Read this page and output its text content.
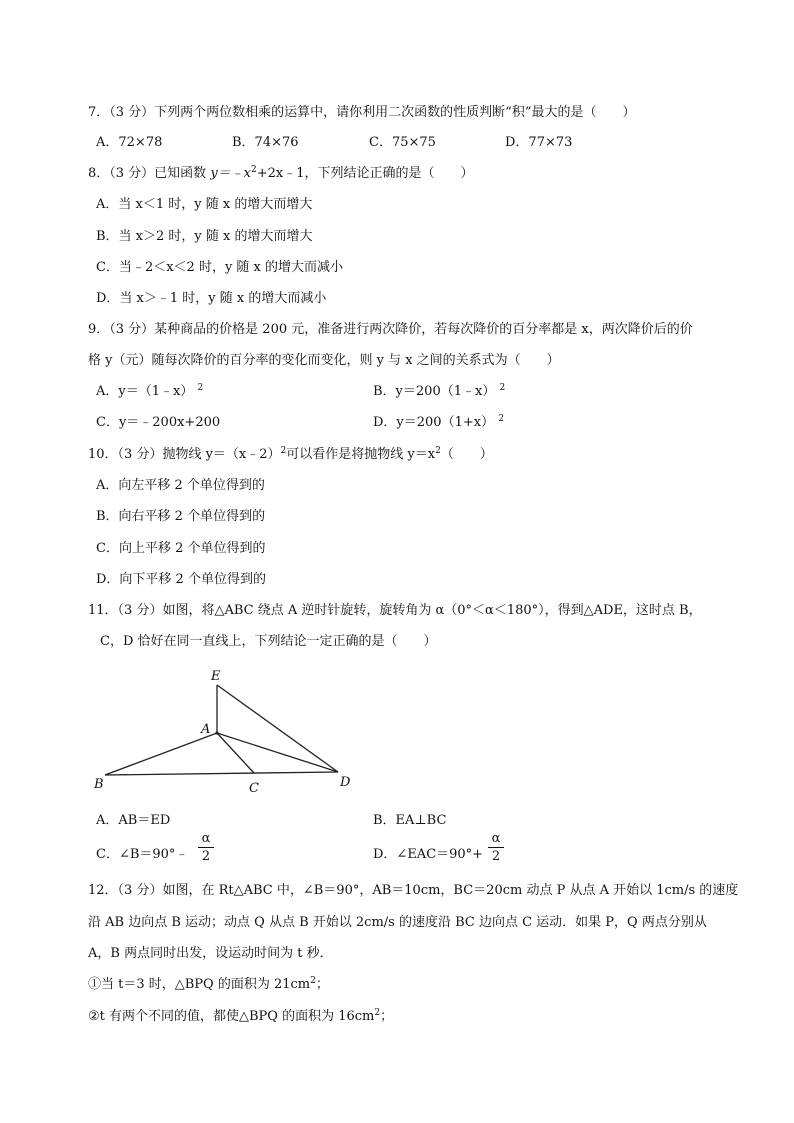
7．（3 分）下列两个两位数相乘的运算中，请你利用二次函数的性质判断“积”最大的是（　　）
A．72×78	B．74×76	C．75×75	D．77×73
8．（3 分）已知函数 $y=﹣x^2+2x﹣1$，下列结论正确的是（　　）
A．当 x＜1 时，y 随 x 的增大而增大
B．当 x＞2 时，y 随 x 的增大而增大
C．当﹣2＜x＜2 时，y 随 x 的增大而减小
D．当 x＞﹣1 时，y 随 x 的增大而减小
9．（3 分）某种商品的价格是 200 元，准备进行两次降价，若每次降价的百分率都是 x，两次降价后的价
格 y（元）随每次降价的百分率的变化而变化，则 y 与 x 之间的关系式为（　　）
A．y＝（1﹣x） $^2$	B．y＝200（1﹣x） $^2$
C．y＝﹣200x+200	D．y＝200（1+x） $^2$
10．（3 分）抛物线 y＝（x﹣2）$^2$可以看作是将抛物线 $y=x^2$（　　）
A．向左平移 2 个单位得到的
B．向右平移 2 个单位得到的
C．向上平移 2 个单位得到的
D．向下平移 2 个单位得到的
11．（3 分）如图，将△ABC 绕点 A 逆时针旋转，旋转角为 α（0°＜α＜180°），得到△ADE，这时点 B，
C，D 恰好在同一直线上，下列结论一定正确的是（　　）
E
A
B	C	D
A．AB＝ED	B．EA⊥BC
C．∠B＝90°﹣
α
2	D．∠EAC＝90°+
α
2
12．（3 分）如图，在 Rt△ABC 中，∠B＝90°，AB＝10cm，BC＝20cm 动点 P 从点 A 开始以 1cm/s 的速度
沿 AB 边向点 B 运动；动点 Q 从点 B 开始以 2cm/s 的速度沿 BC 边向点 C 运动．如果 P，Q 两点分别从
A，B 两点同时出发，设运动时间为 t 秒．
①当 t＝3 时，△BPQ 的面积为 $21cm^2$；
②t 有两个不同的值，都使△BPQ 的面积为 $16cm^2$；
